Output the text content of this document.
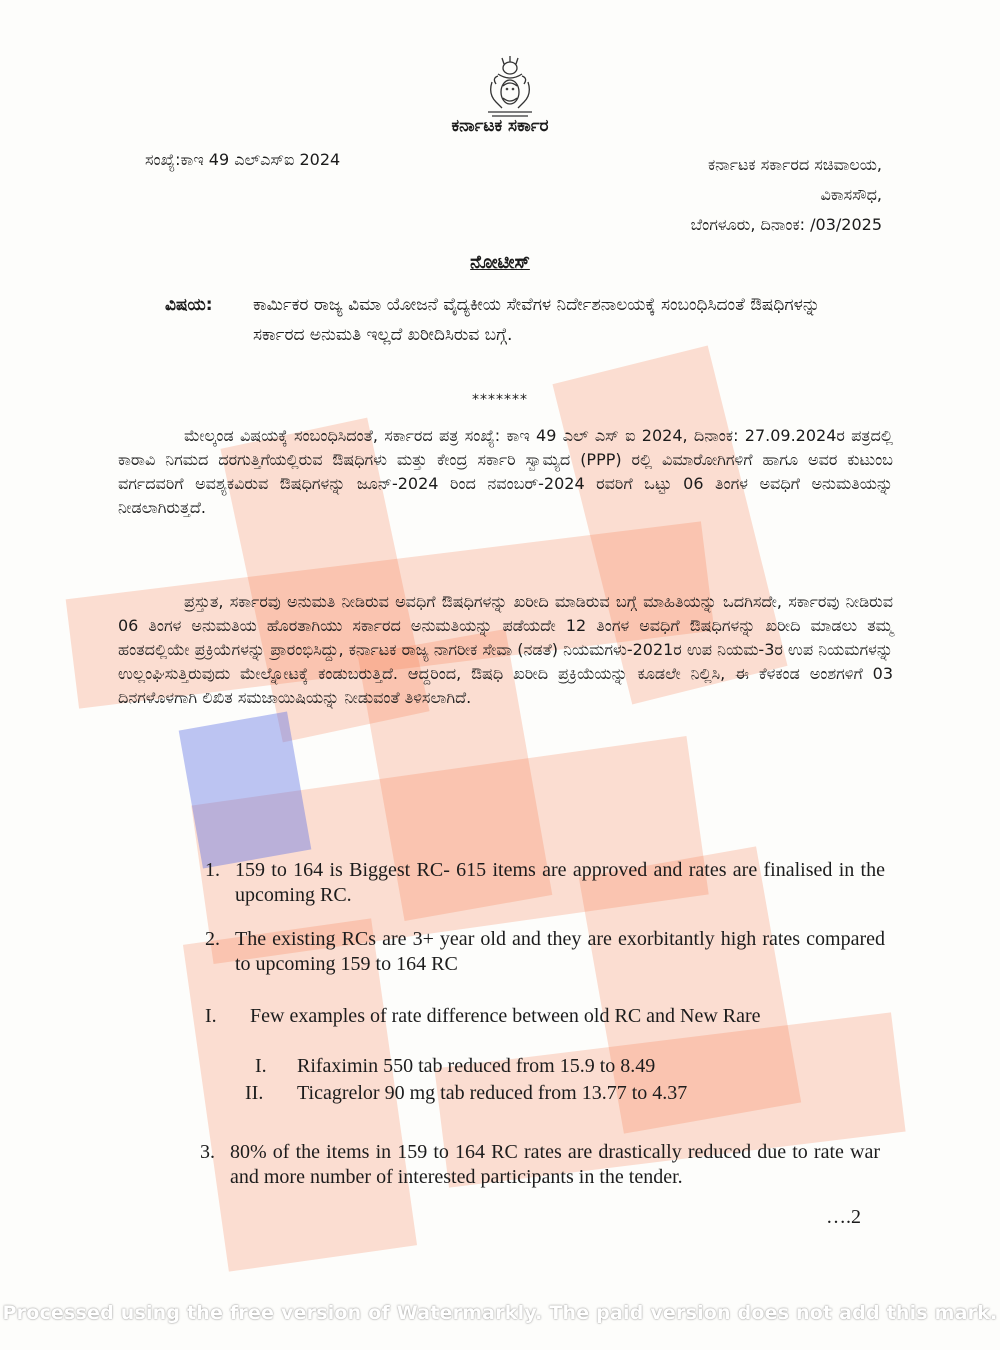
ಕರ್ನಾಟಕ ಸರ್ಕಾರ
ಸಂಖ್ಯೆ:ಕಾಇ 49 ಎಲ್‌ಎಸ್‌ಐ 2024	ಕರ್ನಾಟಕ ಸರ್ಕಾರದ ಸಚಿವಾಲಯ,
ವಿಕಾಸಸೌಧ,
ಬೆಂಗಳೂರು, ದಿನಾಂಕ: /03/2025
ನೋಟೀಸ್
ವಿಷಯ: ಕಾರ್ಮಿಕರ ರಾಜ್ಯ ವಿಮಾ ಯೋಜನೆ ವೈದ್ಯಕೀಯ ಸೇವೆಗಳ ನಿರ್ದೇಶನಾಲಯಕ್ಕೆ ಸಂಬಂಧಿಸಿದಂತೆ ಔಷಧಿಗಳನ್ನು ಸರ್ಕಾರದ ಅನುಮತಿ ಇಲ್ಲದೆ ಖರೀದಿಸಿರುವ ಬಗ್ಗೆ.
*******
ಮೇಲ್ಕಂಡ ವಿಷಯಕ್ಕೆ ಸಂಬಂಧಿಸಿದಂತೆ, ಸರ್ಕಾರದ ಪತ್ರ ಸಂಖ್ಯೆ: ಕಾಇ 49 ಎಲ್ ಎಸ್ ಐ 2024, ದಿನಾಂಕ: 27.09.2024ರ ಪತ್ರದಲ್ಲಿ ಕಾರಾವಿ ನಿಗಮದ ದರಗುತ್ತಿಗೆಯಲ್ಲಿರುವ ಔಷಧಿಗಳು ಮತ್ತು ಕೇಂದ್ರ ಸರ್ಕಾರಿ ಸ್ವಾಮ್ಯದ (PPP) ರಲ್ಲಿ ವಿಮಾರೋಗಿಗಳಿಗೆ ಹಾಗೂ ಅವರ ಕುಟುಂಬ ವರ್ಗದವರಿಗೆ ಅವಶ್ಯಕವಿರುವ ಔಷಧಿಗಳನ್ನು ಜೂನ್-2024 ರಿಂದ ನವಂಬರ್-2024 ರವರಿಗೆ ಒಟ್ಟು 06 ತಿಂಗಳ ಅವಧಿಗೆ ಅನುಮತಿಯನ್ನು ನೀಡಲಾಗಿರುತ್ತದೆ.
ಪ್ರಸ್ತುತ, ಸರ್ಕಾರವು ಅನುಮತಿ ನೀಡಿರುವ ಅವಧಿಗೆ ಔಷಧಿಗಳನ್ನು ಖರೀದಿ ಮಾಡಿರುವ ಬಗ್ಗೆ ಮಾಹಿತಿಯನ್ನು ಒದಗಿಸದೇ, ಸರ್ಕಾರವು ನೀಡಿರುವ 06 ತಿಂಗಳ ಅನುಮತಿಯ ಹೊರತಾಗಿಯು ಸರ್ಕಾರದ ಅನುಮತಿಯನ್ನು ಪಡೆಯದೇ 12 ತಿಂಗಳ ಅವಧಿಗೆ ಔಷಧಿಗಳನ್ನು ಖರೀದಿ ಮಾಡಲು ತಮ್ಮ ಹಂತದಲ್ಲಿಯೇ ಪ್ರಕ್ರಿಯೆಗಳನ್ನು ಪ್ರಾರಂಭಿಸಿದ್ದು, ಕರ್ನಾಟಕ ರಾಜ್ಯ ನಾಗರೀಕ ಸೇವಾ (ನಡತೆ) ನಿಯಮಗಳು-2021ರ ಉಪ ನಿಯಮ-3ರ ಉಪ ನಿಯಮಗಳನ್ನು ಉಲ್ಲಂಘಿಸುತ್ತಿರುವುದು ಮೇಲ್ನೋಟಕ್ಕೆ ಕಂಡುಬರುತ್ತಿದೆ. ಆದ್ದರಿಂದ, ಔಷಧಿ ಖರೀದಿ ಪ್ರಕ್ರಿಯೆಯನ್ನು ಕೂಡಲೇ ನಿಲ್ಲಿಸಿ, ಈ ಕೆಳಕಂಡ ಅಂಶಗಳಿಗೆ 03 ದಿನಗಳೊಳಗಾಗಿ ಲಿಖಿತ ಸಮಜಾಯಿಷಿಯನ್ನು ನೀಡುವಂತೆ ತಿಳಿಸಲಾಗಿದೆ.
1. 159 to 164 is Biggest RC- 615 items are approved and rates are finalised in the upcoming RC.
2. The existing RCs are 3+ year old and they are exorbitantly high rates compared to upcoming 159 to 164 RC
I. Few examples of rate difference between old RC and New Rare
I. Rifaximin 550 tab reduced from 15.9 to 8.49
II. Ticagrelor 90 mg tab reduced from 13.77 to 4.37
3. 80% of the items in 159 to 164 RC rates are drastically reduced due to rate war and more number of interested participants in the tender.
….2
Processed using the free version of Watermarkly. The paid version does not add this mark.
